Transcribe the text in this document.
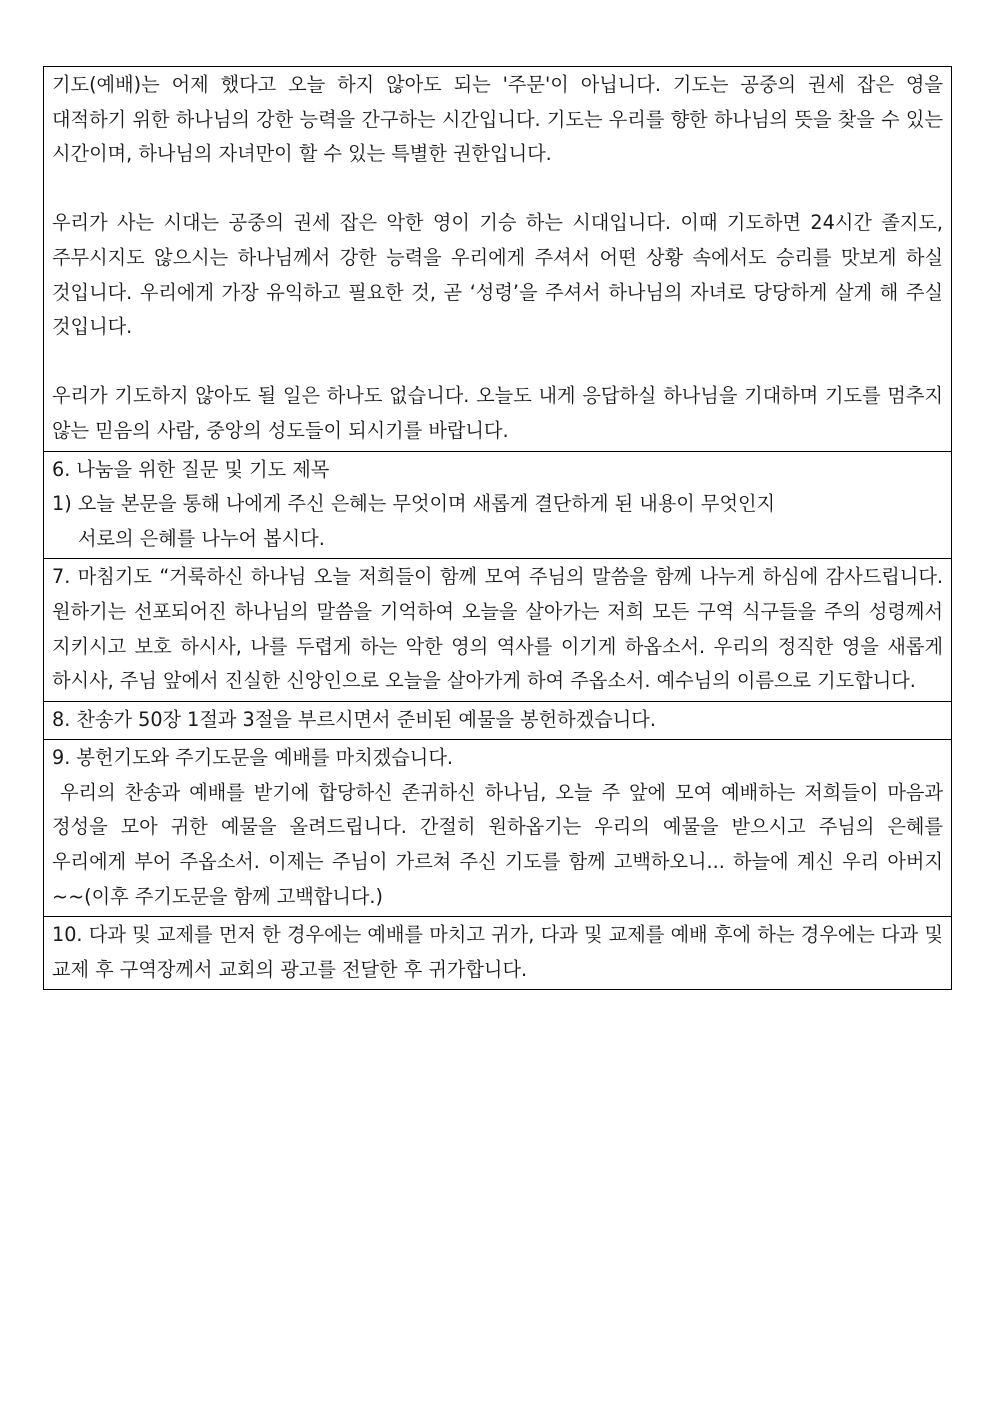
기도(예배)는 어제 했다고 오늘 하지 않아도 되는 '주문'이 아닙니다. 기도는 공중의 권세 잡은 영을 대적하기 위한 하나님의 강한 능력을 간구하는 시간입니다. 기도는 우리를 향한 하나님의 뜻을 찾을 수 있는 시간이며, 하나님의 자녀만이 할 수 있는 특별한 권한입니다.

우리가 사는 시대는 공중의 권세 잡은 악한 영이 기승 하는 시대입니다. 이때 기도하면 24시간 졸지도, 주무시지도 않으시는 하나님께서 강한 능력을 우리에게 주셔서 어떤 상황 속에서도 승리를 맛보게 하실 것입니다. 우리에게 가장 유익하고 필요한 것, 곧 ‘성령’을 주셔서 하나님의 자녀로 당당하게 살게 해 주실 것입니다.

우리가 기도하지 않아도 될 일은 하나도 없습니다. 오늘도 내게 응답하실 하나님을 기대하며 기도를 멈추지 않는 믿음의 사람, 중앙의 성도들이 되시기를 바랍니다.

6. 나눔을 위한 질문 및 기도 제목

1) 오늘 본문을 통해 나에게 주신 은혜는 무엇이며 새롭게 결단하게 된 내용이 무엇인지

서로의 은혜를 나누어 봅시다.

7. 마침기도 “거룩하신 하나님 오늘 저희들이 함께 모여 주님의 말씀을 함께 나누게 하심에 감사드립니다. 원하기는 선포되어진 하나님의 말씀을 기억하여 오늘을 살아가는 저희 모든 구역 식구들을 주의 성령께서 지키시고 보호 하시사, 나를 두렵게 하는 악한 영의 역사를 이기게 하옵소서. 우리의 정직한 영을 새롭게 하시사, 주님 앞에서 진실한 신앙인으로 오늘을 살아가게 하여 주옵소서. 예수님의 이름으로 기도합니다.

8. 찬송가 50장 1절과 3절을 부르시면서 준비된 예물을 봉헌하겠습니다.

9. 봉헌기도와 주기도문을 예배를 마치겠습니다.

우리의 찬송과 예배를 받기에 합당하신 존귀하신 하나님, 오늘 주 앞에 모여 예배하는 저희들이 마음과 정성을 모아 귀한 예물을 올려드립니다. 간절히 원하옵기는 우리의 예물을 받으시고 주님의 은혜를 우리에게 부어 주옵소서. 이제는 주님이 가르쳐 주신 기도를 함께 고백하오니... 하늘에 계신 우리 아버지~~(이후 주기도문을 함께 고백합니다.)

10. 다과 및 교제를 먼저 한 경우에는 예배를 마치고 귀가, 다과 및 교제를 예배 후에 하는 경우에는 다과 및 교제 후 구역장께서 교회의 광고를 전달한 후 귀가합니다.
